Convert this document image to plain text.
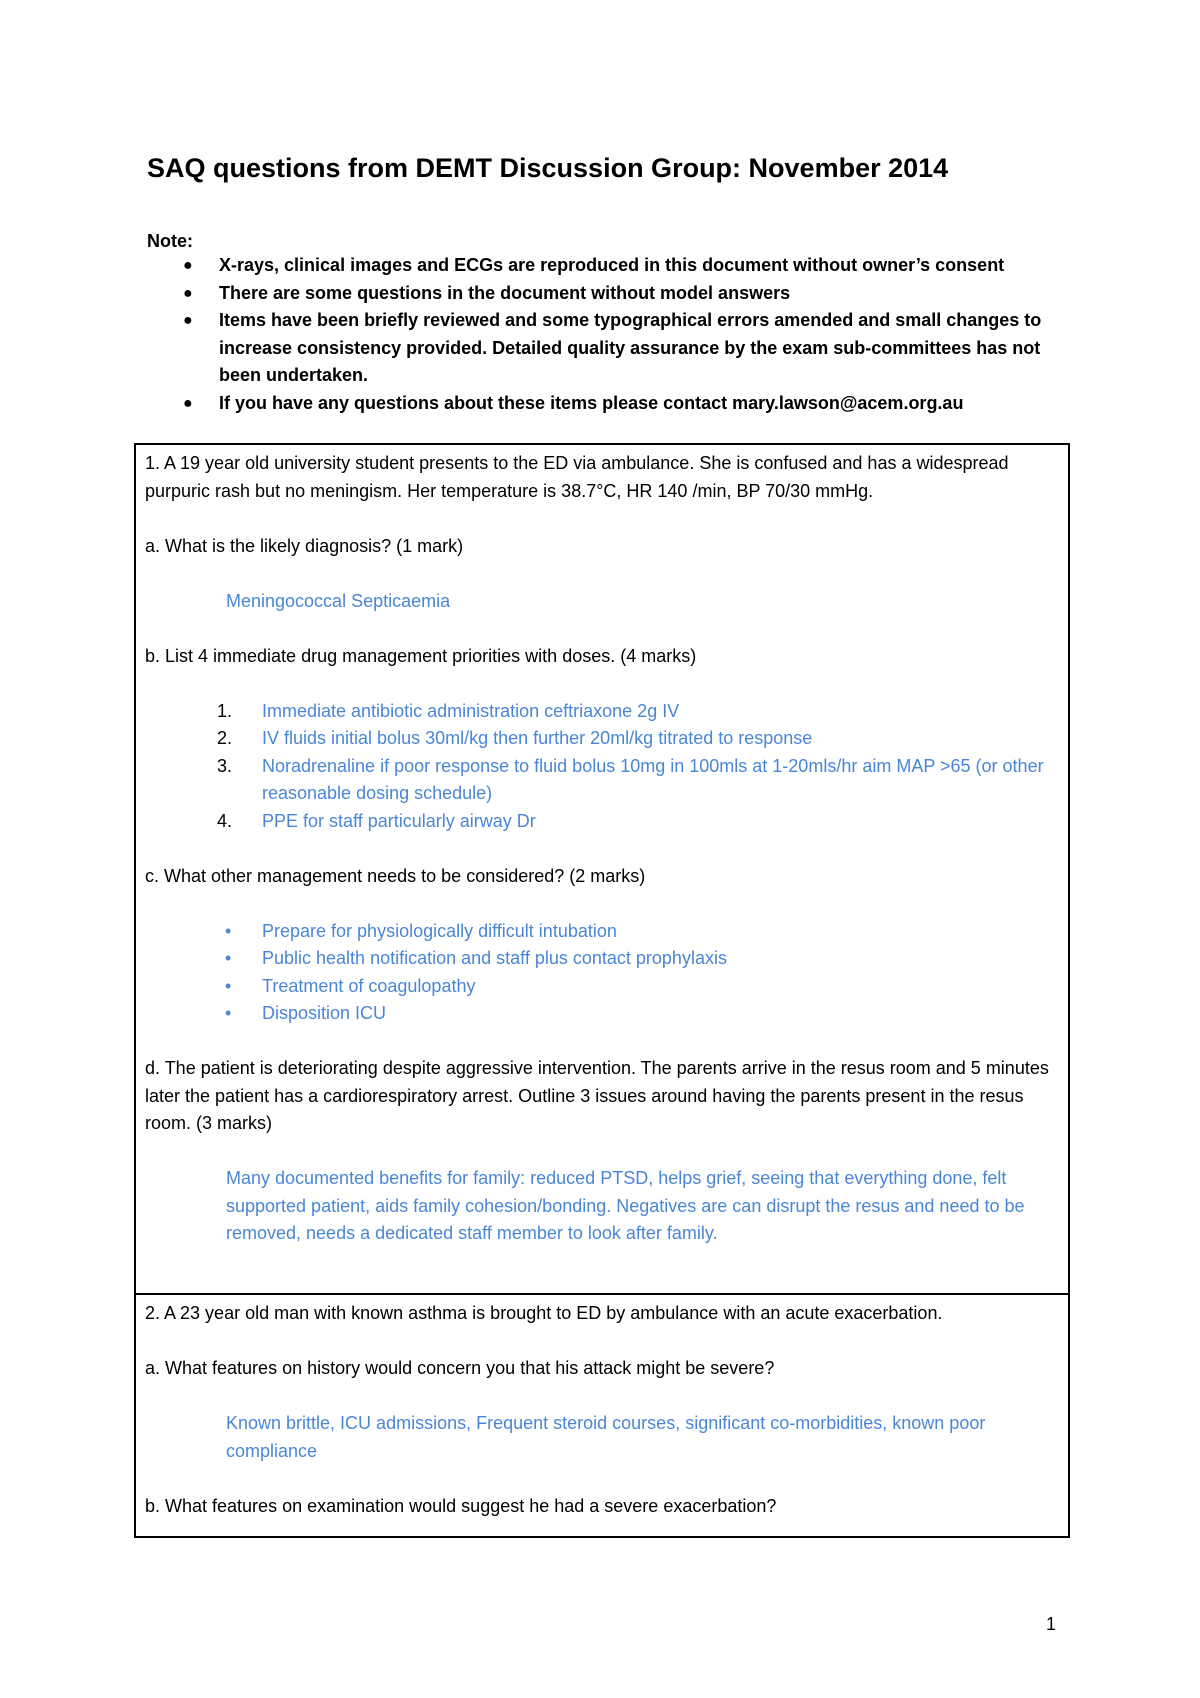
SAQ questions from DEMT Discussion Group: November 2014
Note:
● X-rays, clinical images and ECGs are reproduced in this document without owner’s consent
● There are some questions in the document without model answers
● Items have been briefly reviewed and some typographical errors amended and small changes to increase consistency provided. Detailed quality assurance by the exam sub-committees has not been undertaken.
● If you have any questions about these items please contact mary.lawson@acem.org.au

1. A 19 year old university student presents to the ED via ambulance. She is confused and has a widespread purpuric rash but no meningism. Her temperature is 38.7°C, HR 140 /min, BP 70/30 mmHg.

a. What is the likely diagnosis? (1 mark)

Meningococcal Septicaemia

b. List 4 immediate drug management priorities with doses. (4 marks)

1. Immediate antibiotic administration ceftriaxone 2g IV
2. IV fluids initial bolus 30ml/kg then further 20ml/kg titrated to response
3. Noradrenaline if poor response to fluid bolus 10mg in 100mls at 1-20mls/hr aim MAP >65 (or other reasonable dosing schedule)
4. PPE for staff particularly airway Dr

c. What other management needs to be considered? (2 marks)

• Prepare for physiologically difficult intubation
• Public health notification and staff plus contact prophylaxis
• Treatment of coagulopathy
• Disposition ICU

d. The patient is deteriorating despite aggressive intervention. The parents arrive in the resus room and 5 minutes later the patient has a cardiorespiratory arrest. Outline 3 issues around having the parents present in the resus room. (3 marks)

Many documented benefits for family: reduced PTSD, helps grief, seeing that everything done, felt supported patient, aids family cohesion/bonding. Negatives are can disrupt the resus and need to be removed, needs a dedicated staff member to look after family.

2. A 23 year old man with known asthma is brought to ED by ambulance with an acute exacerbation.

a. What features on history would concern you that his attack might be severe?

Known brittle, ICU admissions, Frequent steroid courses, significant co-morbidities, known poor compliance

b. What features on examination would suggest he had a severe exacerbation?

1
